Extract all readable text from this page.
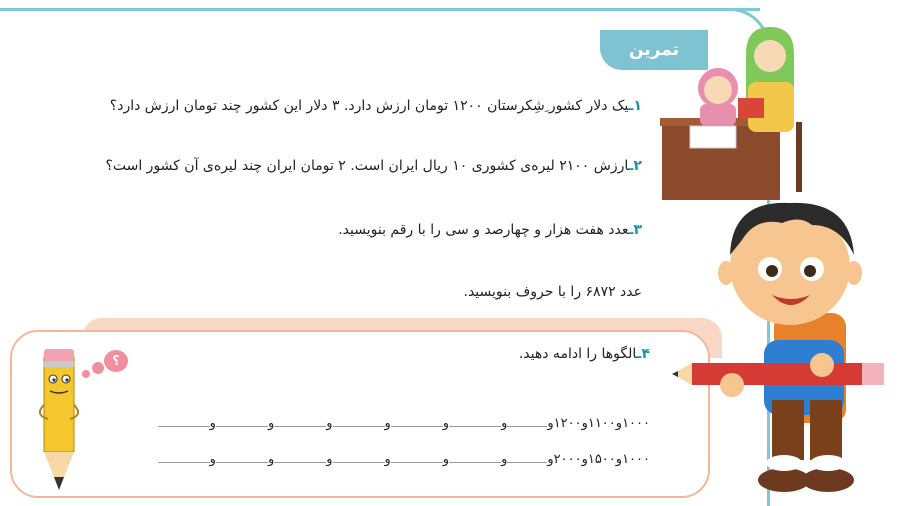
تمرین
۱ـیک دلار کشور ِشِکرستان ۱۲۰۰ تومان ارزش دارد. ۳ دلار این کشور چند تومان ارزش دارد؟
۲ـارزش ۲۱۰۰ لیره‌ی کشوری ۱۰ ریال ایران است. ۲ تومان ایران چند لیره‌ی آن کشور است؟
۳ـعدد هفت هزار و چهارصد و سی را با رقم بنویسید.
عدد ۶۸۷۲ را با حروف بنویسید.
۴ـالگوها را ادامه دهید.
۱۰۰۰و۱۱۰۰و۱۲۰۰ووووووو
۱۰۰۰و۱۵۰۰و۲۰۰۰ووووووو
؟
